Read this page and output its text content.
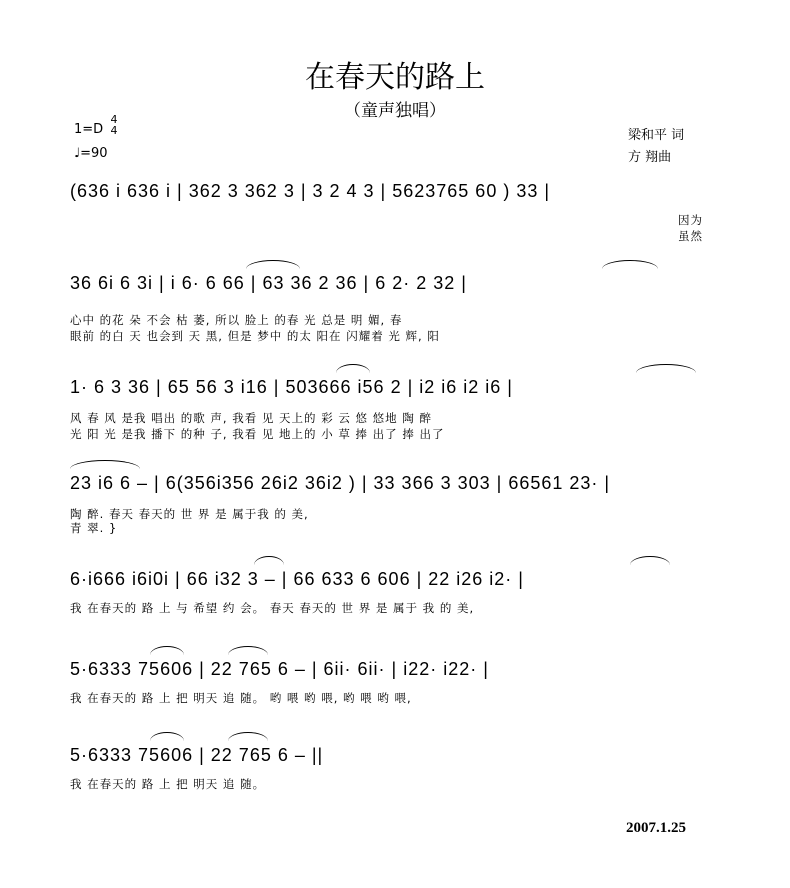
在春天的路上
（童声独唱）
1=D
4
4
♩=90
梁和平 词
方 翔曲
(636 i 636 i | 362 3 362 3 | 3 2 4 3 | 5623765 60 ) 33 |
因为
虽然
36 6i 6 3i | i 6· 6 66 | 63 36 2 36 | 6 2· 2 32 |
心中 的花 朵 不会 枯 萎, 所以 脸上 的春 光 总是 明 媚, 春
眼前 的白 天 也会到 天 黑, 但是 梦中 的太 阳在 闪耀着 光 辉, 阳
1· 6 3 36 | 65 56 3 i16 | 503666 i56 2 | i2 i6 i2 i6 |
风 春 风 是我 唱出 的歌 声, 我看 见 天上的 彩 云 悠 悠地 陶 醉
光 阳 光 是我 播下 的种 子, 我看 见 地上的 小 草 捧 出了 捧 出了
23 i6 6 – | 6(356i356 26i2 36i2 ) | 33 366 3 303 | 66561 23· |
陶 醉. 春天 春天的 世 界 是 属于我 的 美,
青 翠. }
6·i666 i6i0i | 66 i32 3 – | 66 633 6 606 | 22 i26 i2· |
我 在春天的 路 上 与 希望 约 会。 春天 春天的 世 界 是 属于 我 的 美,
5·6333 75606 | 22 765 6 – | 6ii· 6ii· | i22· i22· |
我 在春天的 路 上 把 明天 追 随。 哟 喂 哟 喂, 哟 喂 哟 喂,
5·6333 75606 | 22 765 6 – ||
我 在春天的 路 上 把 明天 追 随。
2007.1.25
